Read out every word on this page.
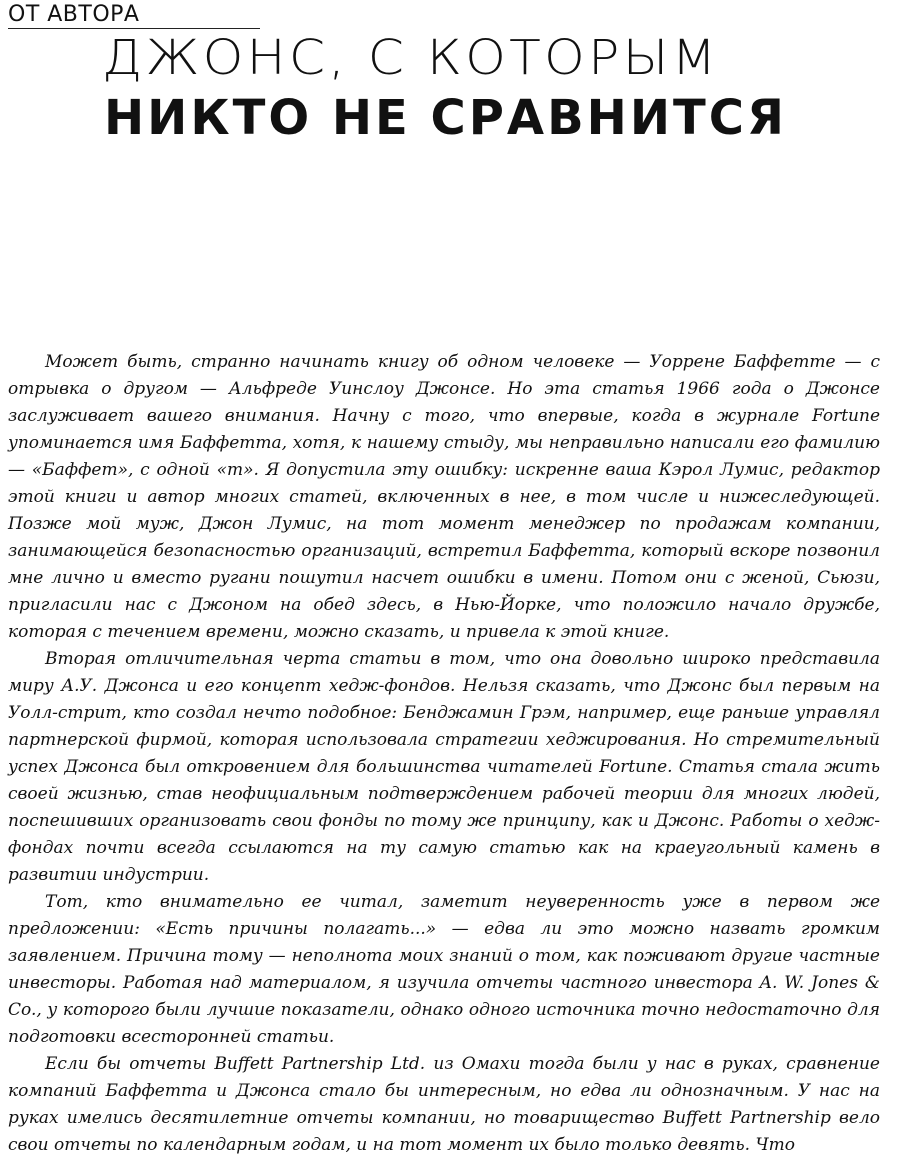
ОТ АВТОРА
ДЖОНС, С КОТОРЫМ
НИКТО НЕ СРАВНИТСЯ

Может быть, странно начинать книгу об одном человеке — Уоррене Баффетте — с отрывка о другом — Альфреде Уинслоу Джонсе. Но эта статья 1966 года о Джонсе заслуживает вашего внимания. Начну с того, что впервые, когда в журнале Fortune упоминается имя Баффетта, хотя, к нашему стыду, мы неправильно написали его фамилию — «Баффет», с одной «т». Я допустила эту ошибку: искренне ваша Кэрол Лумис, редактор этой книги и автор многих статей, включенных в нее, в том числе и нижеследующей. Позже мой муж, Джон Лумис, на тот момент менеджер по продажам компании, занимающейся безопасностью организаций, встретил Баффетта, который вскоре позвонил мне лично и вместо ругани пошутил насчет ошибки в имени. Потом они с женой, Сьюзи, пригласили нас с Джоном на обед здесь, в Нью-Йорке, что положило начало дружбе, которая с течением времени, можно сказать, и привела к этой книге.

Вторая отличительная черта статьи в том, что она довольно широко представила миру А.У. Джонса и его концепт хедж-фондов. Нельзя сказать, что Джонс был первым на Уолл-стрит, кто создал нечто подобное: Бенджамин Грэм, например, еще раньше управлял партнерской фирмой, которая использовала стратегии хеджирования. Но стремительный успех Джонса был откровением для большинства читателей Fortune. Статья стала жить своей жизнью, став неофициальным подтверждением рабочей теории для многих людей, поспешивших организовать свои фонды по тому же принципу, как и Джонс. Работы о хедж-фондах почти всегда ссылаются на ту самую статью как на краеугольный камень в развитии индустрии.

Тот, кто внимательно ее читал, заметит неуверенность уже в первом же предложении: «Есть причины полагать...» — едва ли это можно назвать громким заявлением. Причина тому — неполнота моих знаний о том, как поживают другие частные инвесторы. Работая над материалом, я изучила отчеты частного инвестора A. W. Jones & Co., у которого были лучшие показатели, однако одного источника точно недостаточно для подготовки всесторонней статьи.

Если бы отчеты Buffett Partnership Ltd. из Омахи тогда были у нас в руках, сравнение компаний Баффетта и Джонса стало бы интересным, но едва ли однозначным. У нас на руках имелись десятилетние отчеты компании, но товарищество Buffett Partnership вело свои отчеты по календарным годам, и на тот момент их было только девять. Что
